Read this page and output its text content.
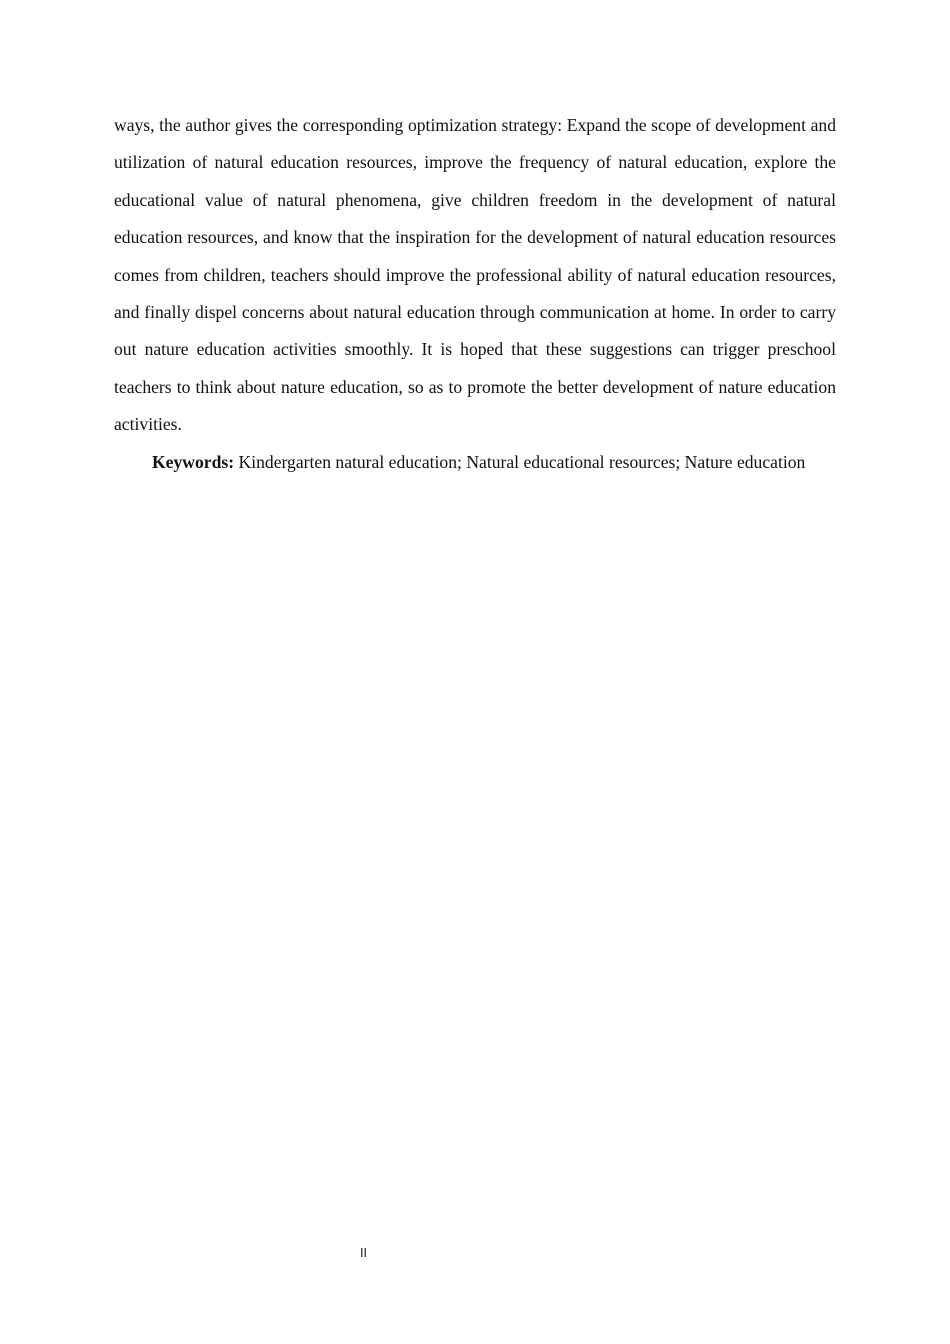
ways, the author gives the corresponding optimization strategy: Expand the scope of development and utilization of natural education resources, improve the frequency of natural education, explore the educational value of natural phenomena, give children freedom in the development of natural education resources, and know that the inspiration for the development of natural education resources comes from children, teachers should improve the professional ability of natural education resources, and finally dispel concerns about natural education through communication at home. In order to carry out nature education activities smoothly. It is hoped that these suggestions can trigger preschool teachers to think about nature education, so as to promote the better development of nature education activities.

Keywords: Kindergarten natural education; Natural educational resources; Nature education

II
